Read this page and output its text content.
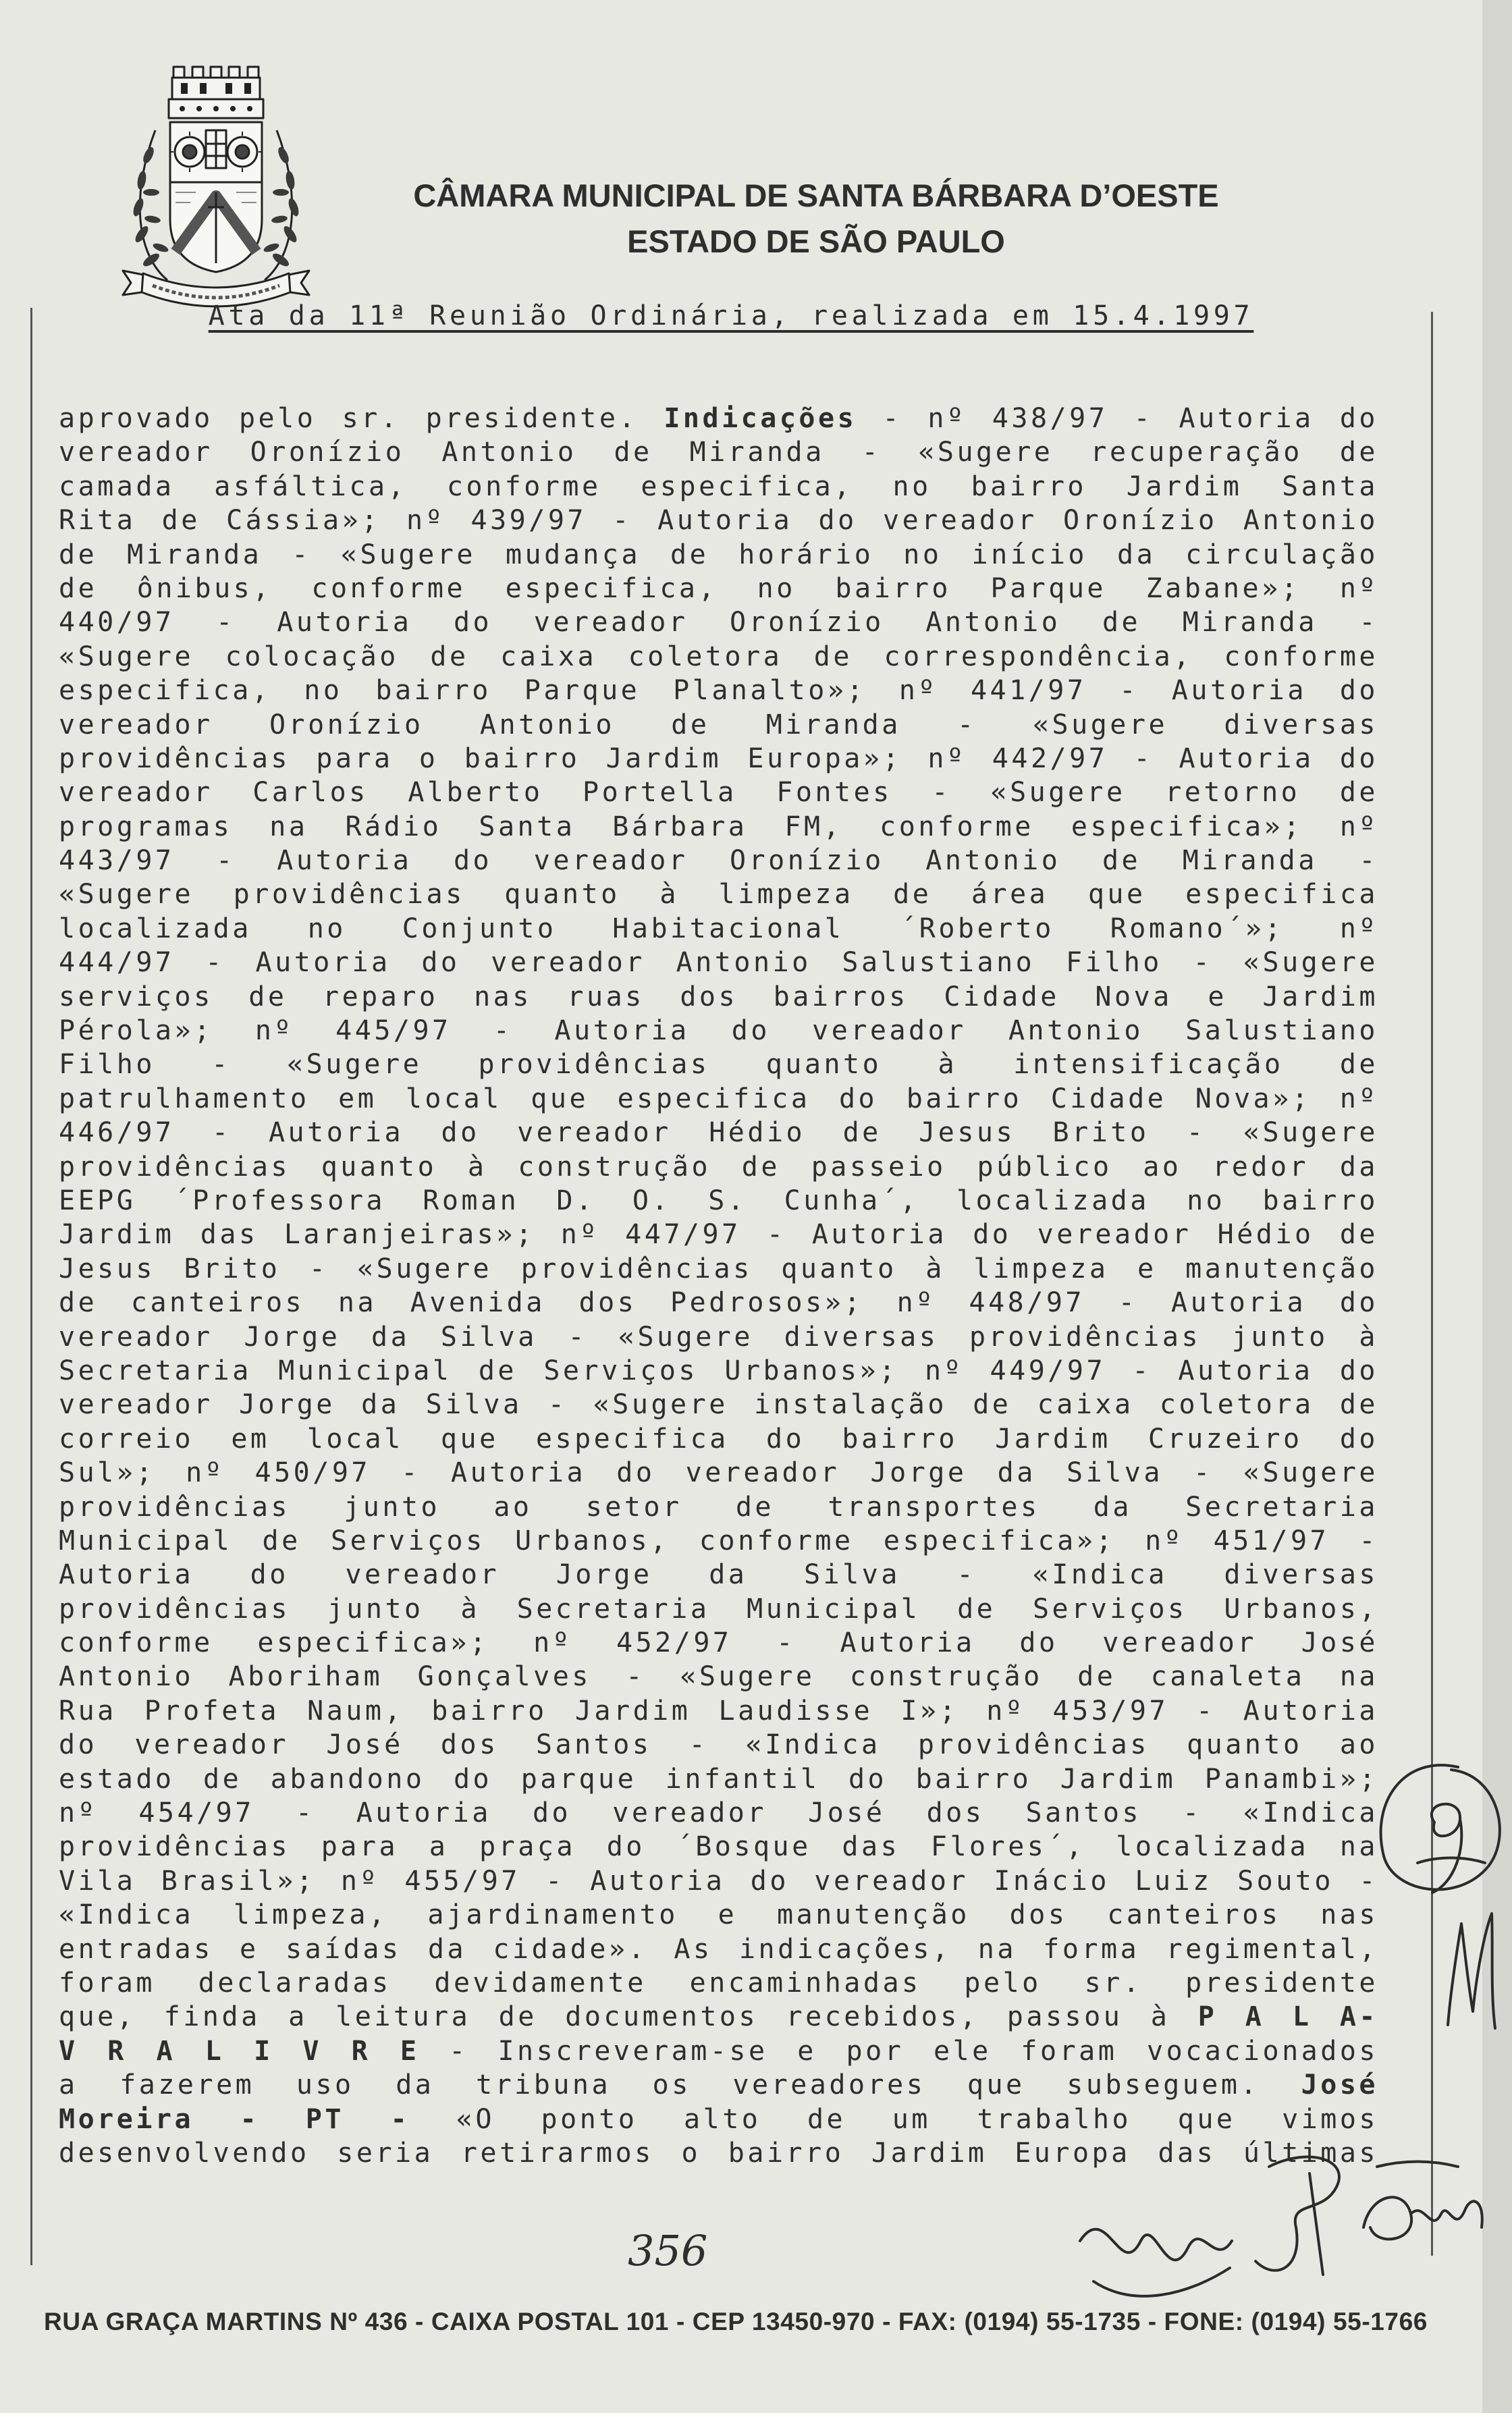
CÂMARA MUNICIPAL DE SANTA BÁRBARA D’OESTE
ESTADO DE SÃO PAULO
Ata da 11ª Reunião Ordinária, realizada em 15.4.1997
aprovado pelo sr. presidente. Indicações - nº 438/97 - Autoria do
vereador Oronízio Antonio de Miranda - «Sugere recuperação de
camada asfáltica, conforme especifica, no bairro Jardim Santa
Rita de Cássia»; nº 439/97 - Autoria do vereador Oronízio Antonio
de Miranda - «Sugere mudança de horário no início da circulação
de ônibus, conforme especifica, no bairro Parque Zabane»; nº
440/97 - Autoria do vereador Oronízio Antonio de Miranda -
«Sugere colocação de caixa coletora de correspondência, conforme
especifica, no bairro Parque Planalto»; nº 441/97 - Autoria do
vereador Oronízio Antonio de Miranda - «Sugere diversas
providências para o bairro Jardim Europa»; nº 442/97 - Autoria do
vereador Carlos Alberto Portella Fontes - «Sugere retorno de
programas na Rádio Santa Bárbara FM, conforme especifica»; nº
443/97 - Autoria do vereador Oronízio Antonio de Miranda -
«Sugere providências quanto à limpeza de área que especifica
localizada no Conjunto Habitacional ´Roberto Romano´»; nº
444/97 - Autoria do vereador Antonio Salustiano Filho - «Sugere
serviços de reparo nas ruas dos bairros Cidade Nova e Jardim
Pérola»; nº 445/97 - Autoria do vereador Antonio Salustiano
Filho - «Sugere providências quanto à intensificação de
patrulhamento em local que especifica do bairro Cidade Nova»; nº
446/97 - Autoria do vereador Hédio de Jesus Brito - «Sugere
providências quanto à construção de passeio público ao redor da
EEPG ´Professora Roman D. O. S. Cunha´, localizada no bairro
Jardim das Laranjeiras»; nº 447/97 - Autoria do vereador Hédio de
Jesus Brito - «Sugere providências quanto à limpeza e manutenção
de canteiros na Avenida dos Pedrosos»; nº 448/97 - Autoria do
vereador Jorge da Silva - «Sugere diversas providências junto à
Secretaria Municipal de Serviços Urbanos»; nº 449/97 - Autoria do
vereador Jorge da Silva - «Sugere instalação de caixa coletora de
correio em local que especifica do bairro Jardim Cruzeiro do
Sul»; nº 450/97 - Autoria do vereador Jorge da Silva - «Sugere
providências junto ao setor de transportes da Secretaria
Municipal de Serviços Urbanos, conforme especifica»; nº 451/97 -
Autoria do vereador Jorge da Silva - «Indica diversas
providências junto à Secretaria Municipal de Serviços Urbanos,
conforme especifica»; nº 452/97 - Autoria do vereador José
Antonio Aboriham Gonçalves - «Sugere construção de canaleta na
Rua Profeta Naum, bairro Jardim Laudisse I»; nº 453/97 - Autoria
do vereador José dos Santos - «Indica providências quanto ao
estado de abandono do parque infantil do bairro Jardim Panambi»;
nº 454/97 - Autoria do vereador José dos Santos - «Indica
providências para a praça do ´Bosque das Flores´, localizada na
Vila Brasil»; nº 455/97 - Autoria do vereador Inácio Luiz Souto -
«Indica limpeza, ajardinamento e manutenção dos canteiros nas
entradas e saídas da cidade». As indicações, na forma regimental,
foram declaradas devidamente encaminhadas pelo sr. presidente
que, finda a leitura de documentos recebidos, passou à P A L A-
V R A L I V R E - Inscreveram-se e por ele foram vocacionados
a fazerem uso da tribuna os vereadores que subseguem. José
Moreira - PT - «O ponto alto de um trabalho que vimos
desenvolvendo seria retirarmos o bairro Jardim Europa das últimas
356
RUA GRAÇA MARTINS Nº 436 - CAIXA POSTAL 101 - CEP 13450-970 - FAX: (0194) 55-1735 - FONE: (0194) 55-1766
